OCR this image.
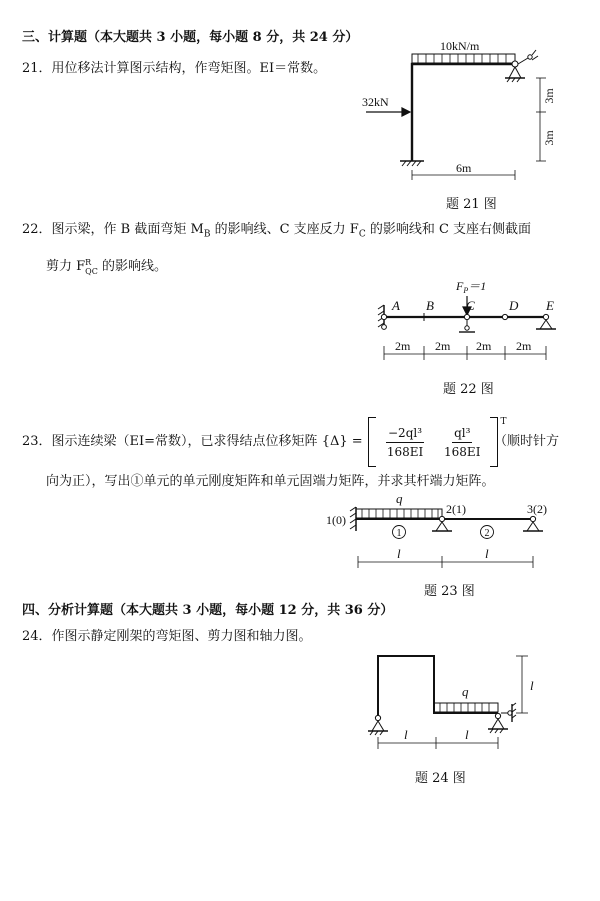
三、计算题（本大题共 3 小题，每小题 8 分，共 24 分）
21．用位移法计算图示结构，作弯矩图。EI＝常数。
10kN/m
32kN	3m
3m
6m
题 21 图
22．图示梁，作 B 截面弯矩 $M_B$ 的影响线、C 支座反力 $F_C$ 的影响线和 C 支座右侧截面
剪力 F R
QC 的影响线。
$F_P=1$
A B C	D E
2m 2m 2m 2m
题 22 图
23．图示连续梁（EI=常数），已求得结点位移矩阵 $\{\Delta\} = \frac{\text{−2ql³}}{168EI} \frac{\text{ql³}}{168EI}$
$^T$
（顺时针方
向为正），写出①单元的单元刚度矩阵和单元固端力矩阵，并求其杆端力矩阵。
q
1(0)
2(1)	3(2)
1	2
l	l
题 23 图
四、分析计算题（本大题共 3 小题，每小题 12 分，共 36 分）
24．作图示静定刚架的弯矩图、剪力图和轴力图。
q
l	l
l
题 24 图
